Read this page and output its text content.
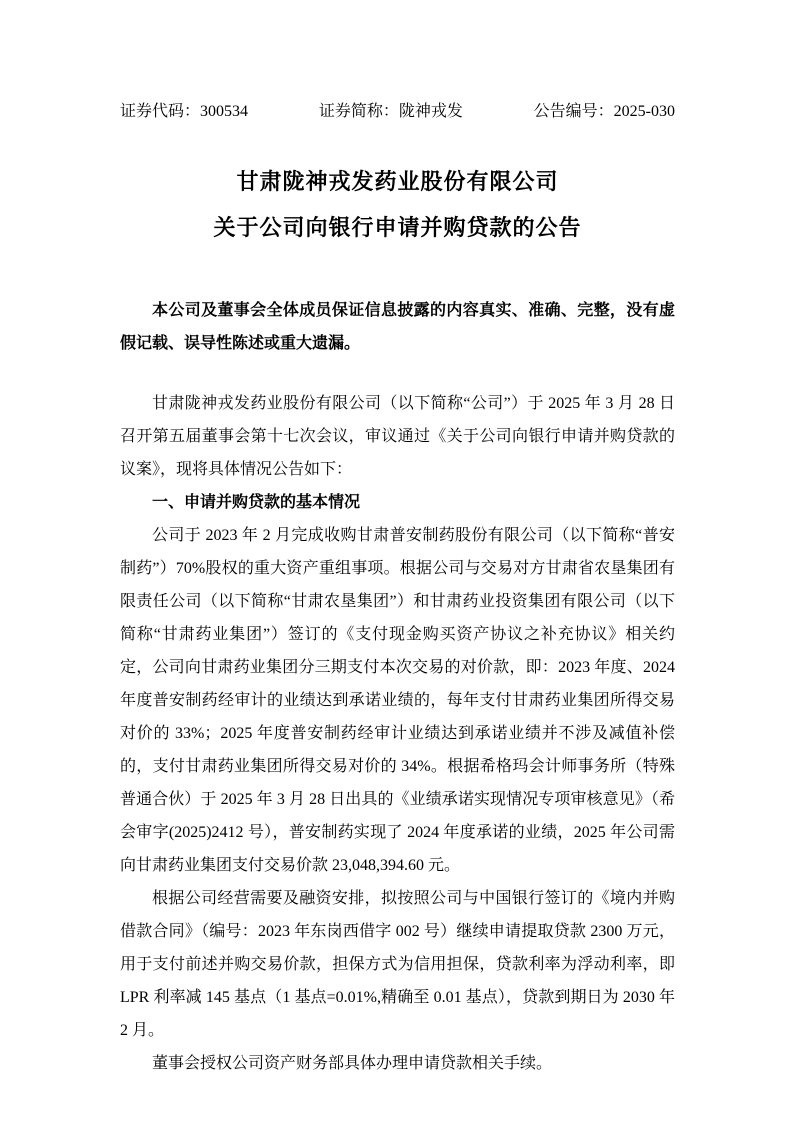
证券代码：300534	证券简称：陇神戎发	公告编号：2025-030
甘肃陇神戎发药业股份有限公司
关于公司向银行申请并购贷款的公告

本公司及董事会全体成员保证信息披露的内容真实、准确、完整，没有虚假记载、误导性陈述或重大遗漏。

甘肃陇神戎发药业股份有限公司（以下简称“公司”）于 2025 年 3 月 28 日召开第五届董事会第十七次会议，审议通过《关于公司向银行申请并购贷款的议案》，现将具体情况公告如下：

一、申请并购贷款的基本情况

公司于 2023 年 2 月完成收购甘肃普安制药股份有限公司（以下简称“普安制药”）70%股权的重大资产重组事项。根据公司与交易对方甘肃省农垦集团有限责任公司（以下简称“甘肃农垦集团”）和甘肃药业投资集团有限公司（以下简称“甘肃药业集团”）签订的《支付现金购买资产协议之补充协议》相关约定，公司向甘肃药业集团分三期支付本次交易的对价款，即：2023 年度、2024 年度普安制药经审计的业绩达到承诺业绩的，每年支付甘肃药业集团所得交易对价的 33%；2025 年度普安制药经审计业绩达到承诺业绩并不涉及减值补偿的，支付甘肃药业集团所得交易对价的 34%。根据希格玛会计师事务所（特殊普通合伙）于 2025 年 3 月 28 日出具的《业绩承诺实现情况专项审核意见》（希会审字(2025)2412 号），普安制药实现了 2024 年度承诺的业绩，2025 年公司需向甘肃药业集团支付交易价款 23,048,394.60 元。

根据公司经营需要及融资安排，拟按照公司与中国银行签订的《境内并购借款合同》（编号：2023 年东岗西借字 002 号）继续申请提取贷款 2300 万元，用于支付前述并购交易价款，担保方式为信用担保，贷款利率为浮动利率，即 LPR 利率减 145 基点（1 基点=0.01%,精确至 0.01 基点），贷款到期日为 2030 年 2 月。

董事会授权公司资产财务部具体办理申请贷款相关手续。
